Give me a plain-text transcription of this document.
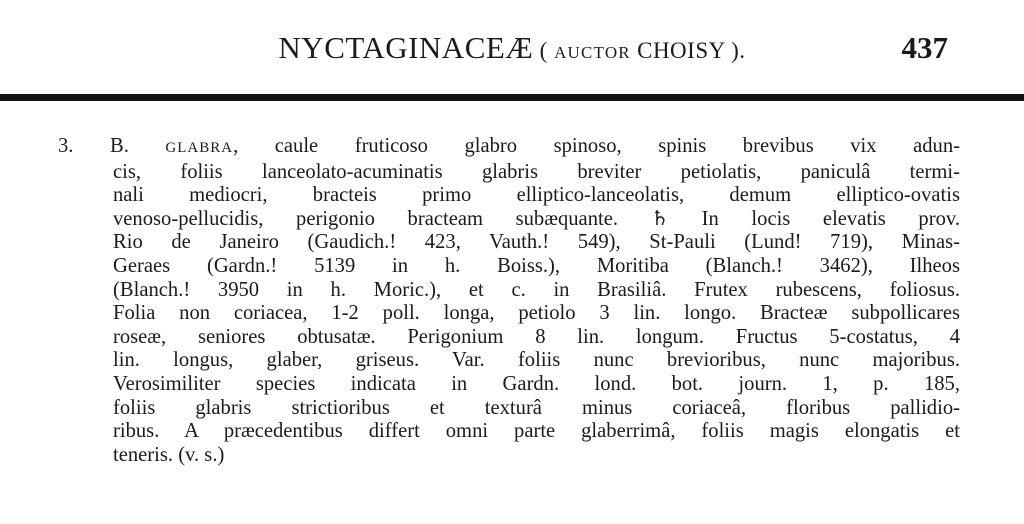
NYCTAGINACEÆ ( AUCTOR CHOISY ).	437
3. B. GLABRA, caule fruticoso glabro spinoso, spinis brevibus vix adun-
cis, foliis lanceolato-acuminatis glabris breviter petiolatis, paniculâ termi-
nali mediocri, bracteis primo elliptico-lanceolatis, demum elliptico-ovatis
venoso-pellucidis, perigonio bracteam subæquante. ♄ In locis elevatis prov.
Rio de Janeiro (Gaudich.! 423, Vauth.! 549), St-Pauli (Lund! 719), Minas-
Geraes (Gardn.! 5139 in h. Boiss.), Moritiba (Blanch.! 3462), Ilheos
(Blanch.! 3950 in h. Moric.), et c. in Brasiliâ. Frutex rubescens, foliosus.
Folia non coriacea, 1-2 poll. longa, petiolo 3 lin. longo. Bracteæ subpollicares
roseæ, seniores obtusatæ. Perigonium 8 lin. longum. Fructus 5-costatus, 4
lin. longus, glaber, griseus. Var. foliis nunc brevioribus, nunc majoribus.
Verosimiliter species indicata in Gardn. lond. bot. journ. 1, p. 185,
foliis glabris strictioribus et texturâ minus coriaceâ, floribus pallidio-
ribus. A præcedentibus differt omni parte glaberrimâ, foliis magis elongatis et
teneris. (v. s.)
